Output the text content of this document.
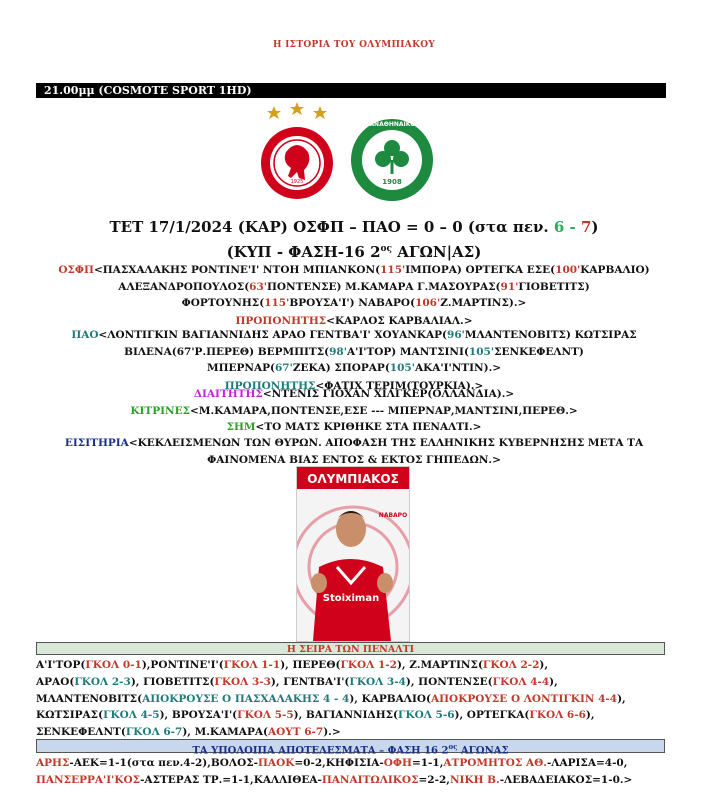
Η ΙΣΤΟΡΙΑ ΤΟΥ ΟΛΥΜΠΙΑΚΟΥ
21.00μμ (COSMOTE SPORT 1HD)
1925	1908
ΠΑΝΑΘΗΝΑΪΚΟΣ
ΤΕΤ 17/1/2024 (ΚΑΡ) ΟΣΦΠ – ΠΑΟ = 0 – 0 (στα πεν. 6 - 7)
(ΚΥΠ - ΦΑΣΗ-16 $2^{o\varsigma}$ ΑΓΩΝ|ΑΣ)
ΟΣΦΠ<ΠΑΣΧΑΛΑΚΗΣ ΡΟΝΤΙΝΕ'Ι' ΝΤΟΗ ΜΠΙΑΝΚΟΝ(115'ΙΜΠΟΡΑ) ΟΡΤΕΓΚΑ ΕΣΕ(100'ΚΑΡΒΑΛΙΟ)
ΑΛΕΞΑΝΔΡΟΠΟΥΛΟΣ(63'ΠΟΝΤΕΝΣΕ) Μ.ΚΑΜΑΡΑ Γ.ΜΑΣΟΥΡΑΣ(91'ΓΙΟΒΕΤΙΤΣ)
ΦΟΡΤΟΥΝΗΣ(115'ΒΡΟΥΣΑ'Ι') ΝΑΒΑΡΟ(106'Ζ.ΜΑΡΤΙΝΣ).>
ΠΡΟΠΟΝΗΤΗΣ<ΚΑΡΛΟΣ ΚΑΡΒΑΛΙΑΛ.>
ΠΑΟ<ΛΟΝΤΙΓΚΙΝ ΒΑΓΙΑΝΝΙΔΗΣ ΑΡΑΟ ΓΕΝΤΒΑ'Ι' ΧΟΥΑΝΚΑΡ(96'ΜΛΑΝΤΕΝΟΒΙΤΣ) ΚΩΤΣΙΡΑΣ
ΒΙΛΕΝΑ(67'Ρ.ΠΕΡΕΘ) ΒΕΡΜΠΙΤΣ(98'Α'Ι'ΤΟΡ) ΜΑΝΤΣΙΝΙ(105'ΣΕΝΚΕΦΕΛΝΤ)
ΜΠΕΡΝΑΡ(67'ΖΕΚΑ) ΣΠΟΡΑΡ(105'ΑΚΑ'Ι'ΝΤΙΝ).>
ΠΡΟΠΟΝΗΤΗΣ<ΦΑΤΙΧ ΤΕΡΙΜ(ΤΟΥΡΚΙΑ).>
ΔΙΑΙΤΗΤΗΣ<ΝΤΕΝΙΣ ΓΙΟΧΑΝ ΧΙΛΓΚΕΡ(ΟΛΛΑΝΔΙΑ).>
ΚΙΤΡΙΝΕΣ<Μ.ΚΑΜΑΡΑ,ΠΟΝΤΕΝΣΕ,ΕΣΕ --- ΜΠΕΡΝΑΡ,ΜΑΝΤΣΙΝΙ,ΠΕΡΕΘ.>
ΣΗΜ<ΤΟ ΜΑΤΣ ΚΡΙΘΗΚΕ ΣΤΑ ΠΕΝΑΛΤΙ.>
ΕΙΣΙΤΗΡΙΑ<ΚΕΚΛΕΙΣΜΕΝΩΝ ΤΩΝ ΘΥΡΩΝ. ΑΠΟΦΑΣΗ ΤΗΣ ΕΛΛΗΝΙΚΗΣ ΚΥΒΕΡΝΗΣΗΣ ΜΕΤΑ ΤΑ
ΦΑΙΝΟΜΕΝΑ ΒΙΑΣ ΕΝΤΟΣ & ΕΚΤΟΣ ΓΗΠΕΔΩΝ.>
ΟΛΥΜΠΙΑΚΟΣ
Stoiximan
ΝΑΒΑΡΟ
Η ΣΕΙΡΑ ΤΩΝ ΠΕΝΑΛΤΙ
Α'Ι'ΤΟΡ(ΓΚΟΛ 0-1),ΡΟΝΤΙΝΕ'Ι'(ΓΚΟΛ 1-1), ΠΕΡΕΘ(ΓΚΟΛ 1-2), Ζ.ΜΑΡΤΙΝΣ(ΓΚΟΛ 2-2),
ΑΡΑΟ(ΓΚΟΛ 2-3), ΓΙΟΒΕΤΙΤΣ(ΓΚΟΛ 3-3), ΓΕΝΤΒΑ'Ι'(ΓΚΟΛ 3-4), ΠΟΝΤΕΝΣΕ(ΓΚΟΛ 4-4),
ΜΛΑΝΤΕΝΟΒΙΤΣ(ΑΠΟΚΡΟΥΣΕ Ο ΠΑΣΧΑΛΑΚΗΣ 4 - 4), ΚΑΡΒΑΛΙΟ(ΑΠΟΚΡΟΥΣΕ Ο ΛΟΝΤΙΓΚΙΝ 4-4),
ΚΩΤΣΙΡΑΣ(ΓΚΟΛ 4-5), ΒΡΟΥΣΑ'Ι'(ΓΚΟΛ 5-5), ΒΑΓΙΑΝΝΙΔΗΣ(ΓΚΟΛ 5-6), ΟΡΤΕΓΚΑ(ΓΚΟΛ 6-6),
ΣΕΝΚΕΦΕΛΝΤ(ΓΚΟΛ 6-7), Μ.ΚΑΜΑΡΑ(ΑΟΥΤ 6-7).>
ΤΑ ΥΠΟΛΟΙΠΑ ΑΠΟΤΕΛΕΣΜΑΤΑ – ΦΑΣΗ 16 $2^{o\varsigma}$ ΑΓΩΝΑΣ
ΑΡΗΣ-ΑΕΚ=1-1(στα πεν.4-2),ΒΟΛΟΣ-ΠΑΟΚ=0-2,ΚΗΦΙΣΙΑ-ΟΦΗ=1-1,ΑΤΡΟΜΗΤΟΣ ΑΘ.-ΛΑΡΙΣΑ=4-0,
ΠΑΝΣΕΡΡΑ'Ι'ΚΟΣ-ΑΣΤΕΡΑΣ ΤΡ.=1-1,ΚΑΛΛΙΘΕΑ-ΠΑΝΑΙΤΩΛΙΚΟΣ=2-2,ΝΙΚΗ Β.-ΛΕΒΑΔΕΙΑΚΟΣ=1-0.>
